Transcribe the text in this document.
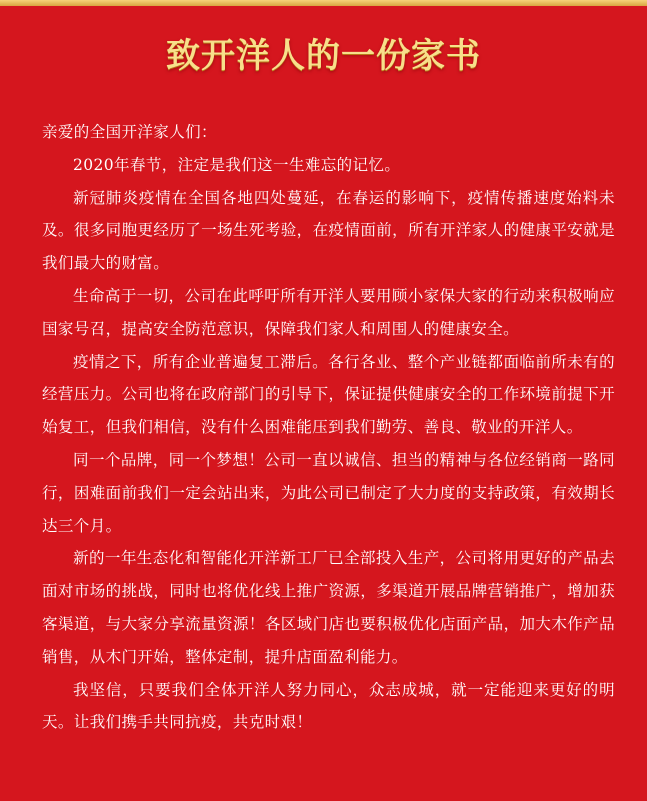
致开洋人的一份家书

亲爱的全国开洋家人们：

2020年春节，注定是我们这一生难忘的记忆。

新冠肺炎疫情在全国各地四处蔓延，在春运的影响下，疫情传播速度始料未及。很多同胞更经历了一场生死考验，在疫情面前，所有开洋家人的健康平安就是我们最大的财富。

生命高于一切，公司在此呼吁所有开洋人要用顾小家保大家的行动来积极响应国家号召，提高安全防范意识，保障我们家人和周围人的健康安全。

疫情之下，所有企业普遍复工滞后。各行各业、整个产业链都面临前所未有的经营压力。公司也将在政府部门的引导下，保证提供健康安全的工作环境前提下开始复工，但我们相信，没有什么困难能压到我们勤劳、善良、敬业的开洋人。

同一个品牌，同一个梦想！公司一直以诚信、担当的精神与各位经销商一路同行，困难面前我们一定会站出来，为此公司已制定了大力度的支持政策，有效期长达三个月。

新的一年生态化和智能化开洋新工厂已全部投入生产，公司将用更好的产品去面对市场的挑战，同时也将优化线上推广资源，多渠道开展品牌营销推广，增加获客渠道，与大家分享流量资源！各区域门店也要积极优化店面产品，加大木作产品销售，从木门开始，整体定制，提升店面盈利能力。

我坚信，只要我们全体开洋人努力同心，众志成城，就一定能迎来更好的明天。让我们携手共同抗疫，共克时艰！
